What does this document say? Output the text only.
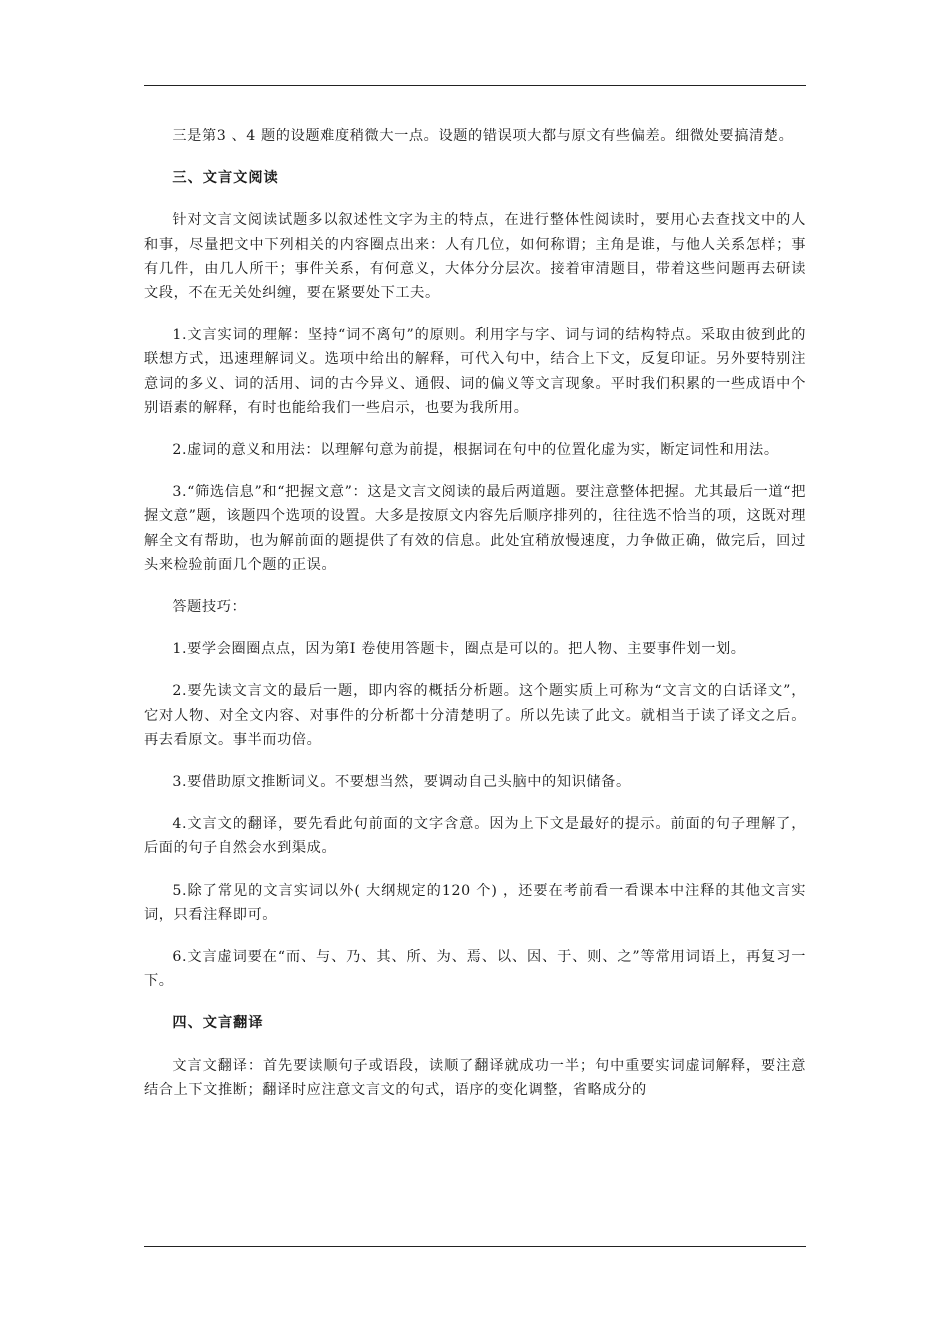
三是第3 、4 题的设题难度稍微大一点。设题的错误项大都与原文有些偏差。细微处要搞清楚。

三、文言文阅读

针对文言文阅读试题多以叙述性文字为主的特点，在进行整体性阅读时，要用心去查找文中的人和事，尽量把文中下列相关的内容圈点出来：人有几位，如何称谓；主角是谁，与他人关系怎样；事有几件，由几人所干；事件关系，有何意义，大体分分层次。接着审清题目，带着这些问题再去研读文段，不在无关处纠缠，要在紧要处下工夫。

1.文言实词的理解：坚持“词不离句”的原则。利用字与字、词与词的结构特点。采取由彼到此的联想方式，迅速理解词义。选项中给出的解释，可代入句中，结合上下文，反复印证。另外要特别注意词的多义、词的活用、词的古今异义、通假、词的偏义等文言现象。平时我们积累的一些成语中个别语素的解释，有时也能给我们一些启示，也要为我所用。

2.虚词的意义和用法：以理解句意为前提，根据词在句中的位置化虚为实，断定词性和用法。

3.“筛选信息”和“把握文意”：这是文言文阅读的最后两道题。要注意整体把握。尤其最后一道“把握文意”题，该题四个选项的设置。大多是按原文内容先后顺序排列的，往往选不恰当的项，这既对理解全文有帮助，也为解前面的题提供了有效的信息。此处宜稍放慢速度，力争做正确，做完后，回过头来检验前面几个题的正误。

答题技巧：

1.要学会圈圈点点，因为第I 卷使用答题卡，圈点是可以的。把人物、主要事件划一划。

2.要先读文言文的最后一题，即内容的概括分析题。这个题实质上可称为“文言文的白话译文”，它对人物、对全文内容、对事件的分析都十分清楚明了。所以先读了此文。就相当于读了译文之后。再去看原文。事半而功倍。

3.要借助原文推断词义。不要想当然，要调动自己头脑中的知识储备。

4.文言文的翻译，要先看此句前面的文字含意。因为上下文是最好的提示。前面的句子理解了，后面的句子自然会水到渠成。

5.除了常见的文言实词以外( 大纲规定的120 个) ，还要在考前看一看课本中注释的其他文言实词，只看注释即可。

6.文言虚词要在“而、与、乃、其、所、为、焉、以、因、于、则、之”等常用词语上，再复习一下。

四、文言翻译

文言文翻译：首先要读顺句子或语段，读顺了翻译就成功一半；句中重要实词虚词解释，要注意结合上下文推断；翻译时应注意文言文的句式，语序的变化调整，省略成分的
